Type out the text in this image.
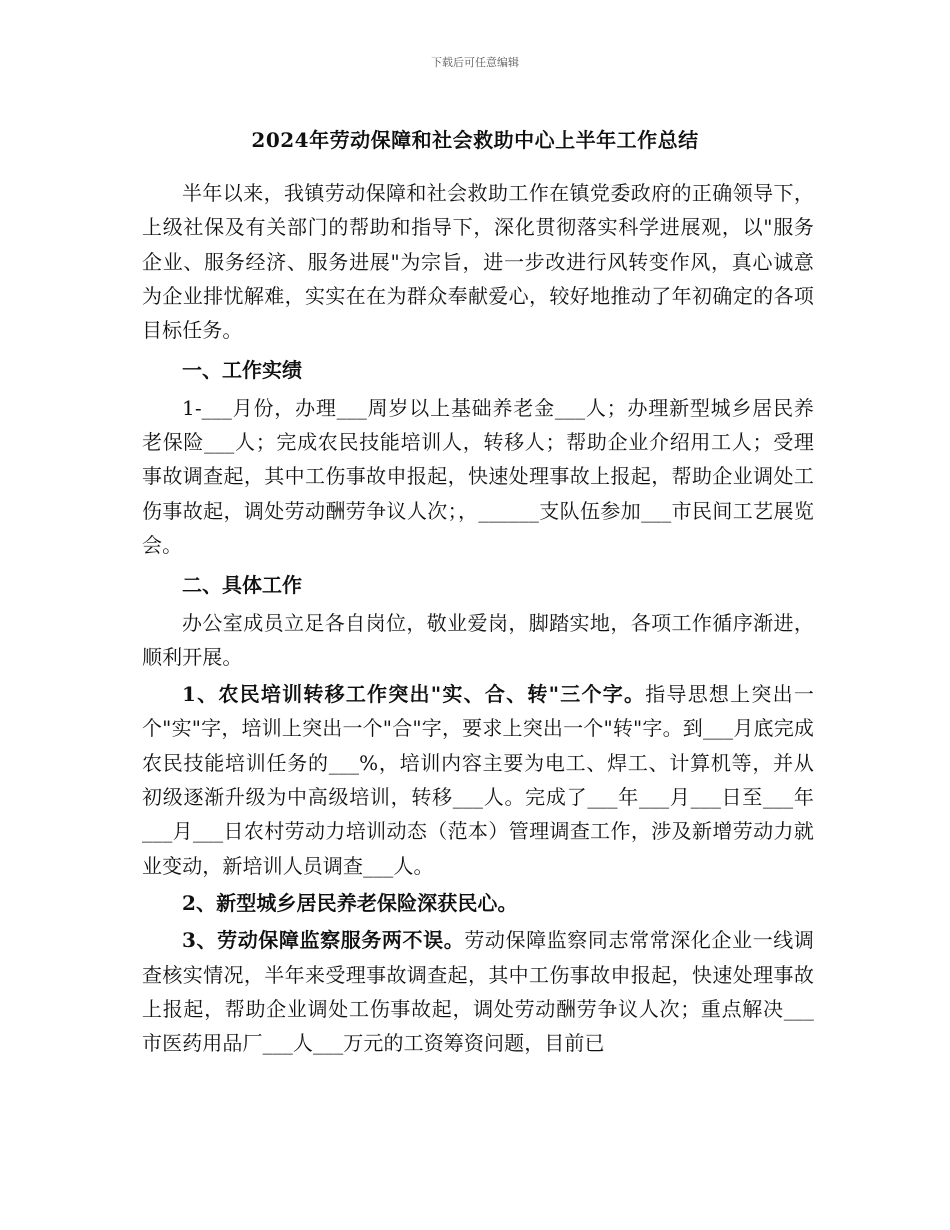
下载后可任意编辑
2024年劳动保障和社会救助中心上半年工作总结

半年以来，我镇劳动保障和社会救助工作在镇党委政府的正确领导下，上级社保及有关部门的帮助和指导下，深化贯彻落实科学进展观，以"服务企业、服务经济、服务进展"为宗旨，进一步改进行风转变作风，真心诚意为企业排忧解难，实实在在为群众奉献爱心，较好地推动了年初确定的各项目标任务。

一、工作实绩

1-___月份，办理___周岁以上基础养老金___人；办理新型城乡居民养老保险___人；完成农民技能培训人，转移人；帮助企业介绍用工人；受理事故调查起，其中工伤事故申报起，快速处理事故上报起，帮助企业调处工伤事故起，调处劳动酬劳争议人次；，______支队伍参加___市民间工艺展览会。

二、具体工作

办公室成员立足各自岗位，敬业爱岗，脚踏实地，各项工作循序渐进，顺利开展。

1、农民培训转移工作突出"实、合、转"三个字。指导思想上突出一个"实"字，培训上突出一个"合"字，要求上突出一个"转"字。到___月底完成农民技能培训任务的___%，培训内容主要为电工、焊工、计算机等，并从初级逐渐升级为中高级培训，转移___人。完成了___年___月___日至___年___月___日农村劳动力培训动态（范本）管理调查工作，涉及新增劳动力就业变动，新培训人员调查___人。

2、新型城乡居民养老保险深获民心。

3、劳动保障监察服务两不误。劳动保障监察同志常常深化企业一线调查核实情况，半年来受理事故调查起，其中工伤事故申报起，快速处理事故上报起，帮助企业调处工伤事故起，调处劳动酬劳争议人次；重点解决___市医药用品厂___人___万元的工资筹资问题，目前已
